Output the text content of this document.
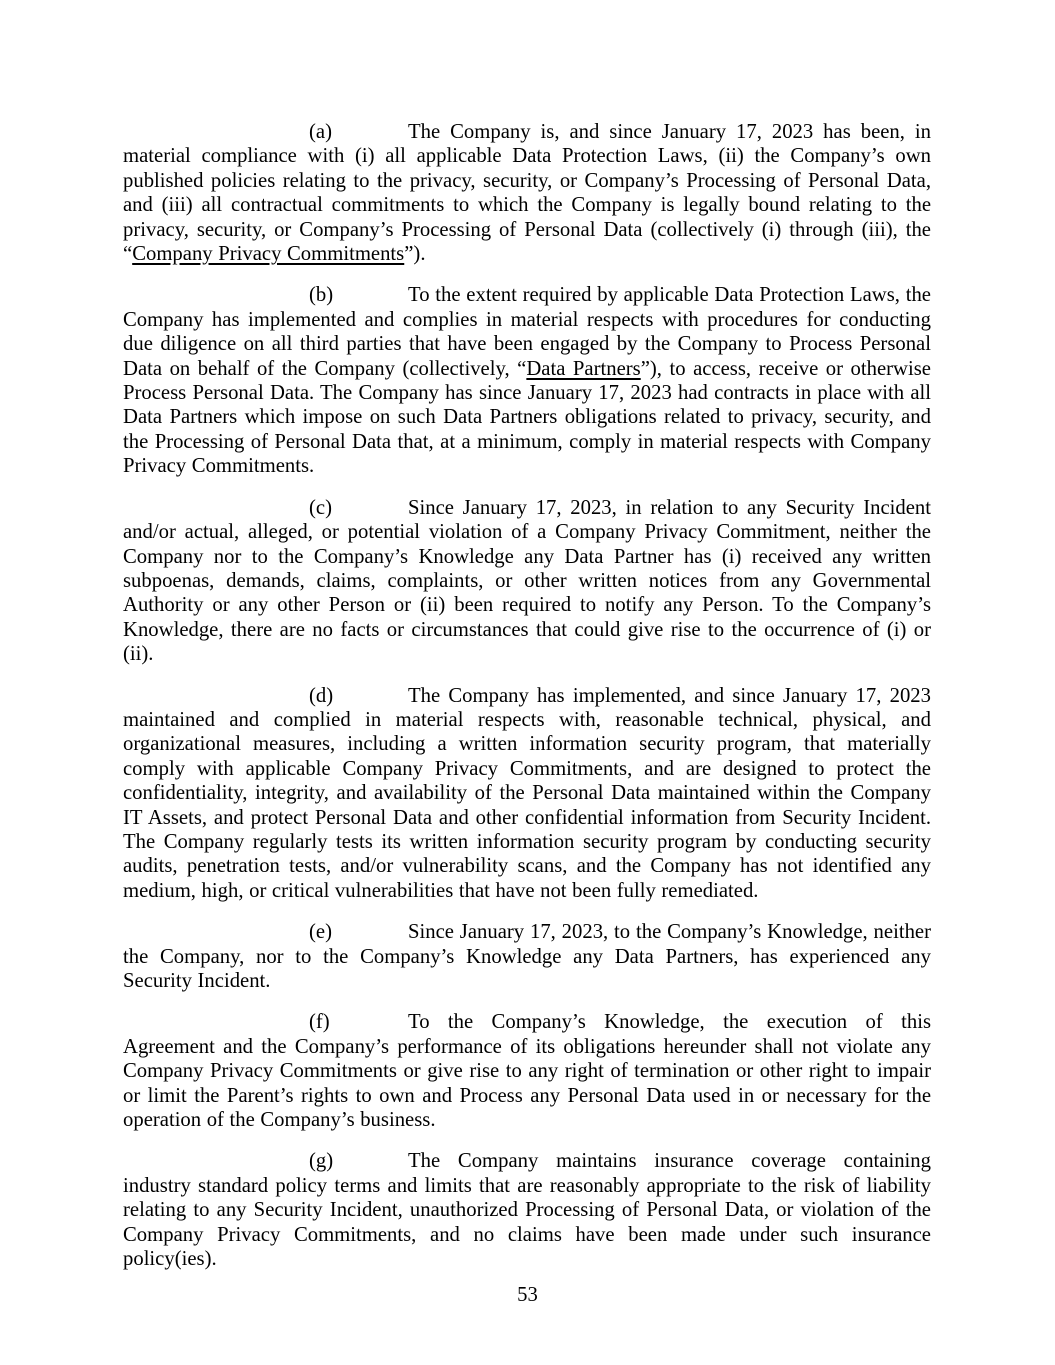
(a)	The Company is, and since January 17, 2023 has been, in material compliance with (i) all applicable Data Protection Laws, (ii) the Company’s own published policies relating to the privacy, security, or Company’s Processing of Personal Data, and (iii) all contractual commitments to which the Company is legally bound relating to the privacy, security, or Company’s Processing of Personal Data (collectively (i) through (iii), the “Company Privacy Commitments”).

(b)	To the extent required by applicable Data Protection Laws, the Company has implemented and complies in material respects with procedures for conducting due diligence on all third parties that have been engaged by the Company to Process Personal Data on behalf of the Company (collectively, “Data Partners”), to access, receive or otherwise Process Personal Data. The Company has since January 17, 2023 had contracts in place with all Data Partners which impose on such Data Partners obligations related to privacy, security, and the Processing of Personal Data that, at a minimum, comply in material respects with Company Privacy Commitments.

(c)	Since January 17, 2023, in relation to any Security Incident and/or actual, alleged, or potential violation of a Company Privacy Commitment, neither the Company nor to the Company’s Knowledge any Data Partner has (i) received any written subpoenas, demands, claims, complaints, or other written notices from any Governmental Authority or any other Person or (ii) been required to notify any Person. To the Company’s Knowledge, there are no facts or circumstances that could give rise to the occurrence of (i) or (ii).

(d)	The Company has implemented, and since January 17, 2023 maintained and complied in material respects with, reasonable technical, physical, and organizational measures, including a written information security program, that materially comply with applicable Company Privacy Commitments, and are designed to protect the confidentiality, integrity, and availability of the Personal Data maintained within the Company IT Assets, and protect Personal Data and other confidential information from Security Incident. The Company regularly tests its written information security program by conducting security audits, penetration tests, and/or vulnerability scans, and the Company has not identified any medium, high, or critical vulnerabilities that have not been fully remediated.

(e)	Since January 17, 2023, to the Company’s Knowledge, neither the Company, nor to the Company’s Knowledge any Data Partners, has experienced any Security Incident.

(f)	To the Company’s Knowledge, the execution of this Agreement and the Company’s performance of its obligations hereunder shall not violate any Company Privacy Commitments or give rise to any right of termination or other right to impair or limit the Parent’s rights to own and Process any Personal Data used in or necessary for the operation of the Company’s business.

(g)	The Company maintains insurance coverage containing industry standard policy terms and limits that are reasonably appropriate to the risk of liability relating to any Security Incident, unauthorized Processing of Personal Data, or violation of the Company Privacy Commitments, and no claims have been made under such insurance policy(ies).

53
